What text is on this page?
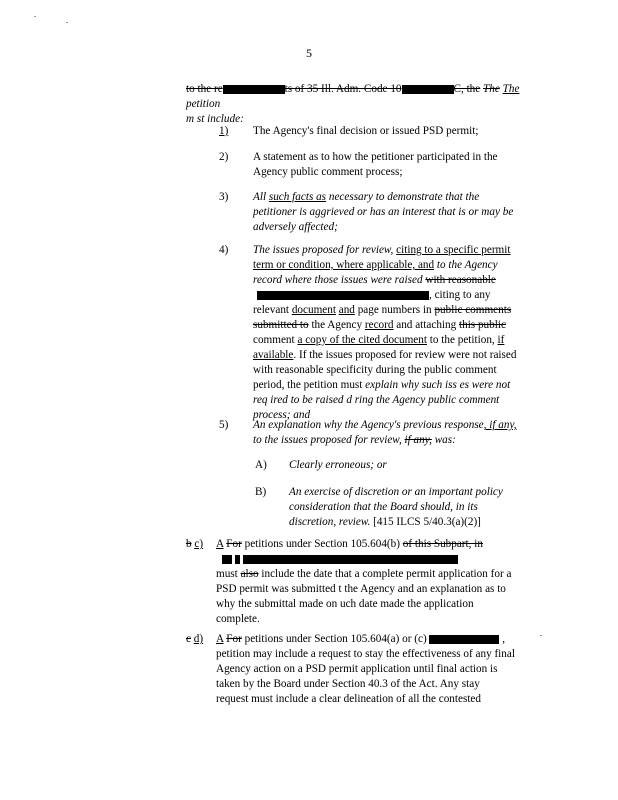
5
to the re	ts of 35 Ill. Adm. Code 10	C, the The The petition
m st include:
1) The Agency's final decision or issued PSD permit;
2) A statement as to how the petitioner participated in the Agency public comment process;
3) All such facts as necessary to demonstrate that the petitioner is aggrieved or has an interest that is or may be adversely affected;
4) The issues proposed for review, citing to a specific permit
term or condition, where applicable, and to the Agency
record where those issues were raised with reasonable
, citing to any
relevant document and page numbers in public comments
submitted to the Agency record and attaching this public
comment a copy of the cited document to the petition, if
available. If the issues proposed for review were not raised
with reasonable specificity during the public comment
period, the petition must explain why such iss es were not
req ired to be raised d ring the Agency public comment
process; and
5) An explanation why the Agency's previous response, if any,
to the issues proposed for review, if any, was:
A) Clearly erroneous; or
B) An exercise of discretion or an important policy
consideration that the Board should, in its
discretion, review. [415 ILCS 5/40.3(a)(2)]
b c) A For petitions under Section 105.604(b) of this Subpart, in

must also include the date that a complete permit application for a
PSD permit was submitted t the Agency and an explanation as to
why the submittal made on uch date made the application
complete.
c d) A For petitions under Section 105.604(a) or (c)	,
petition may include a request to stay the effectiveness of any final
Agency action on a PSD permit application until final action is
taken by the Board under Section 40.3 of the Act. Any stay
request must include a clear delineation of all the contested
